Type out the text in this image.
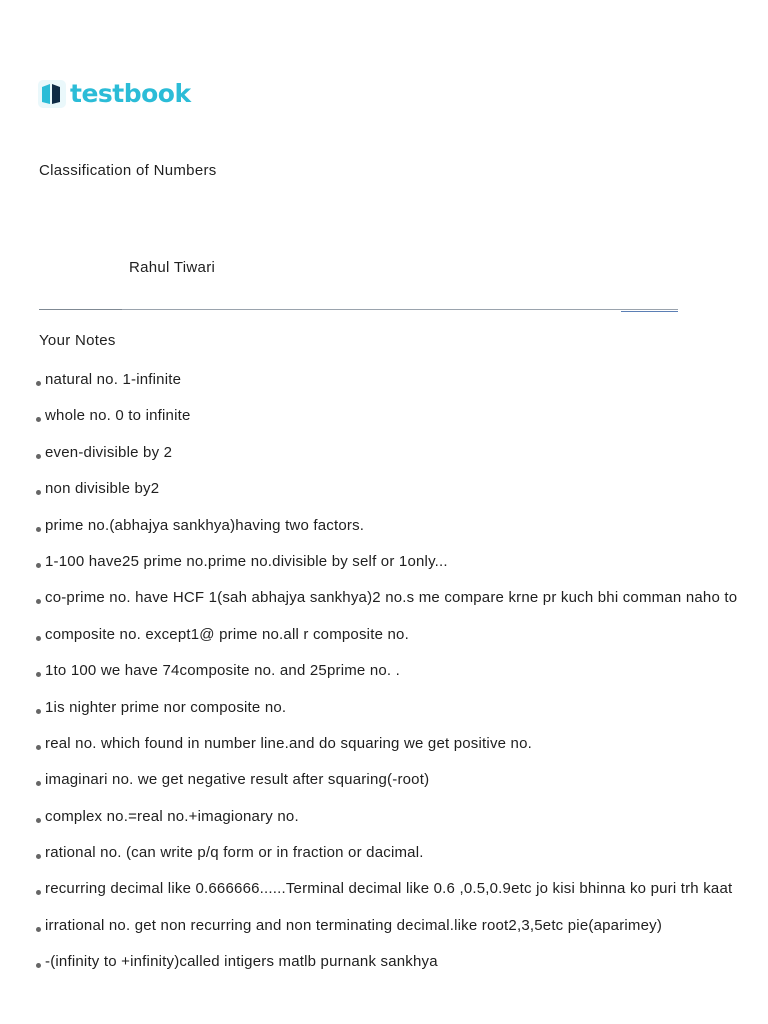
testbook
Classification of Numbers
Rahul Tiwari
Your Notes
natural no. 1-infinite
whole no. 0 to infinite
even-divisible by 2
non divisible by2
prime no.(abhajya sankhya)having two factors.
1-100 have25 prime no.prime no.divisible by self or 1only...
co-prime no. have HCF 1(sah abhajya sankhya)2 no.s me compare krne pr kuch bhi comman naho to
composite no. except1@ prime no.all r composite no.
1to 100 we have 74composite no. and 25prime no. .
1is nighter prime nor composite no.
real no. which found in number line.and do squaring we get positive no.
imaginari no. we get negative result after squaring(-root)
complex no.=real no.+imagionary no.
rational no. (can write p/q form or in fraction or dacimal.
recurring decimal like 0.666666......Terminal decimal like 0.6 ,0.5,0.9etc jo kisi bhinna ko puri trh kaat
irrational no. get non recurring and non terminating decimal.like root2,3,5etc pie(aparimey)
-(infinity to +infinity)called intigers matlb purnank sankhya
